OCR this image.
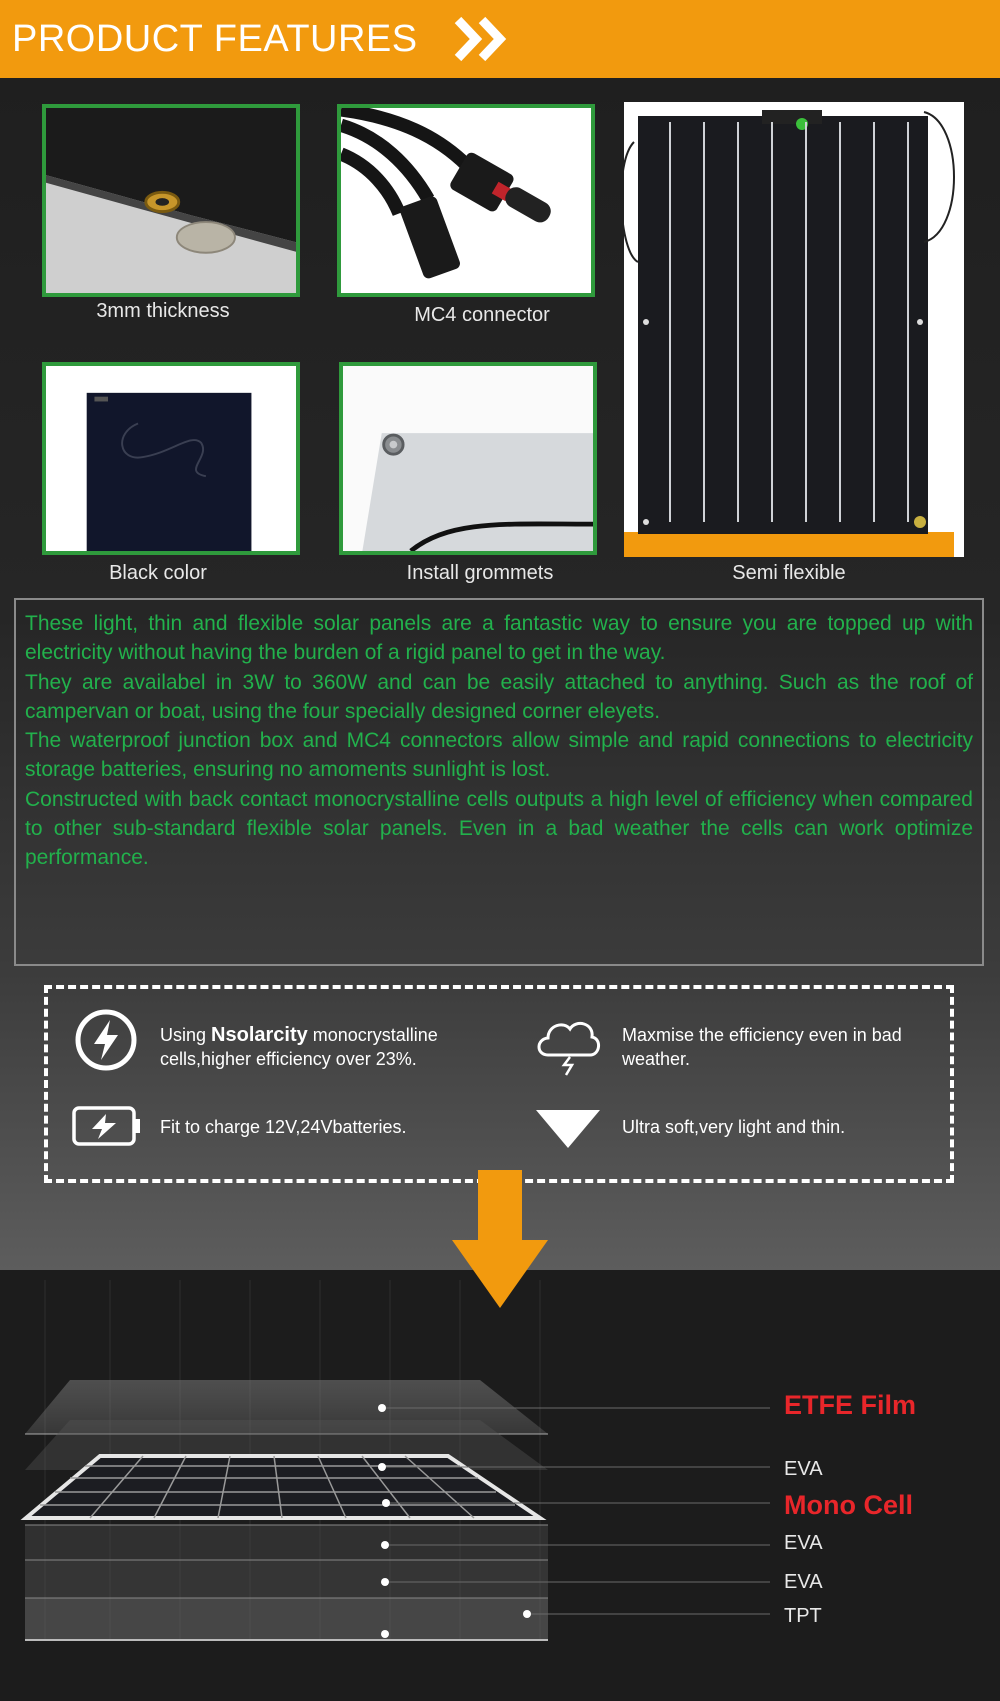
PRODUCT FEATURES
3mm thickness	MC4 connector
Black color	Install grommets	Semi flexible

These light, thin and flexible solar panels are a fantastic way to ensure you are topped up with electricity without having the burden of a rigid panel to get in the way.

They are availabel in 3W to 360W and can be easily attached to anything. Such as the roof of campervan or boat, using the four specially designed corner eleyets.

The waterproof junction box and MC4 connectors allow simple and rapid connections to electricity storage batteries, ensuring no amoments sunlight is lost.

Constructed with back contact monocrystalline cells outputs a high level of efficiency when compared to other sub-standard flexible solar panels. Even in a bad weather the cells can work optimize performance.

Using Nsolarcity monocrystalline cells,higher efficiency over 23%.
Maxmise the efficiency even in bad weather.
Fit to charge 12V,24Vbatteries.	Ultra soft,very light and thin.
ETFE Film
EVA
Mono Cell
EVA
EVA
TPT
